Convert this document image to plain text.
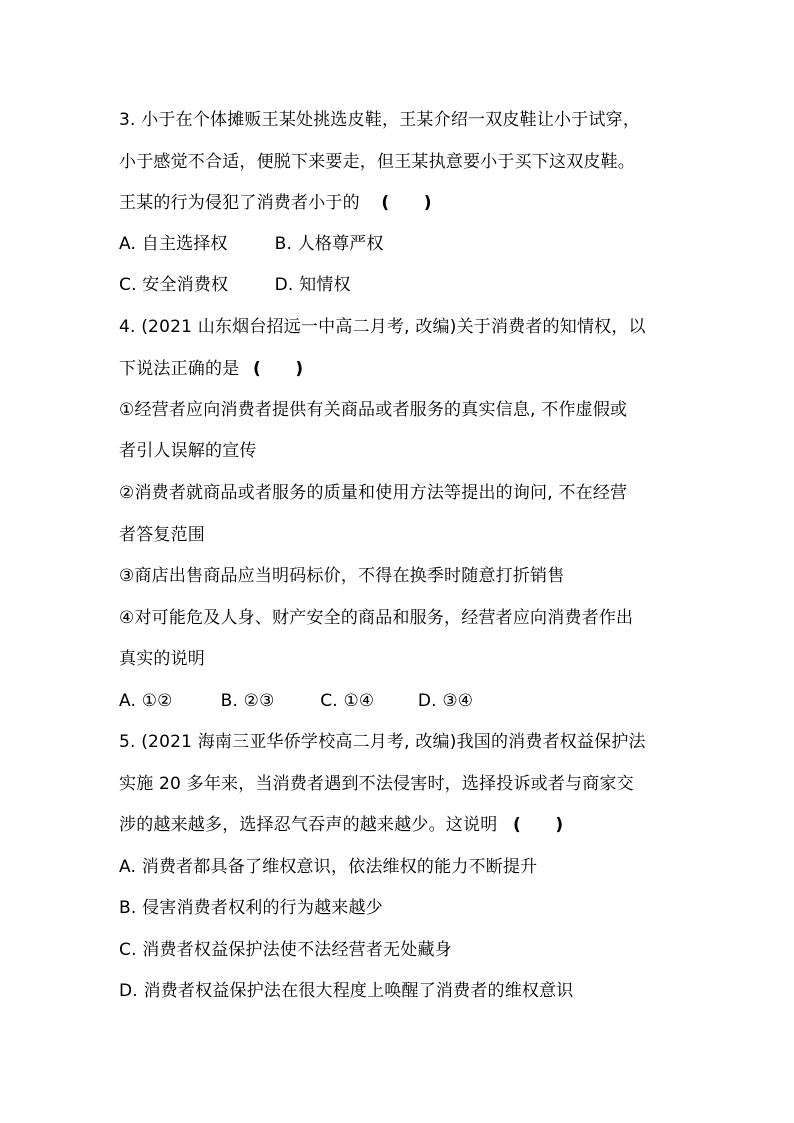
3. 小于在个体摊贩王某处挑选皮鞋，王某介绍一双皮鞋让小于试穿，
小于感觉不合适，便脱下来要走，但王某执意要小于买下这双皮鞋。
王某的行为侵犯了消费者小于的 (　　)
A. 自主选择权	B. 人格尊严权
C. 安全消费权	D. 知情权
4. (2021 山东烟台招远一中高二月考, 改编)关于消费者的知情权，以
下说法正确的是 (　　)
①经营者应向消费者提供有关商品或者服务的真实信息, 不作虚假或
者引人误解的宣传
②消费者就商品或者服务的质量和使用方法等提出的询问, 不在经营
者答复范围
③商店出售商品应当明码标价，不得在换季时随意打折销售
④对可能危及人身、财产安全的商品和服务，经营者应向消费者作出
真实的说明
A. ①②	B. ②③	C. ①④	D. ③④
5. (2021 海南三亚华侨学校高二月考, 改编)我国的消费者权益保护法
实施 20 多年来，当消费者遇到不法侵害时，选择投诉或者与商家交
涉的越来越多，选择忍气吞声的越来越少。这说明 (　　)
A. 消费者都具备了维权意识，依法维权的能力不断提升
B. 侵害消费者权利的行为越来越少
C. 消费者权益保护法使不法经营者无处藏身
D. 消费者权益保护法在很大程度上唤醒了消费者的维权意识
